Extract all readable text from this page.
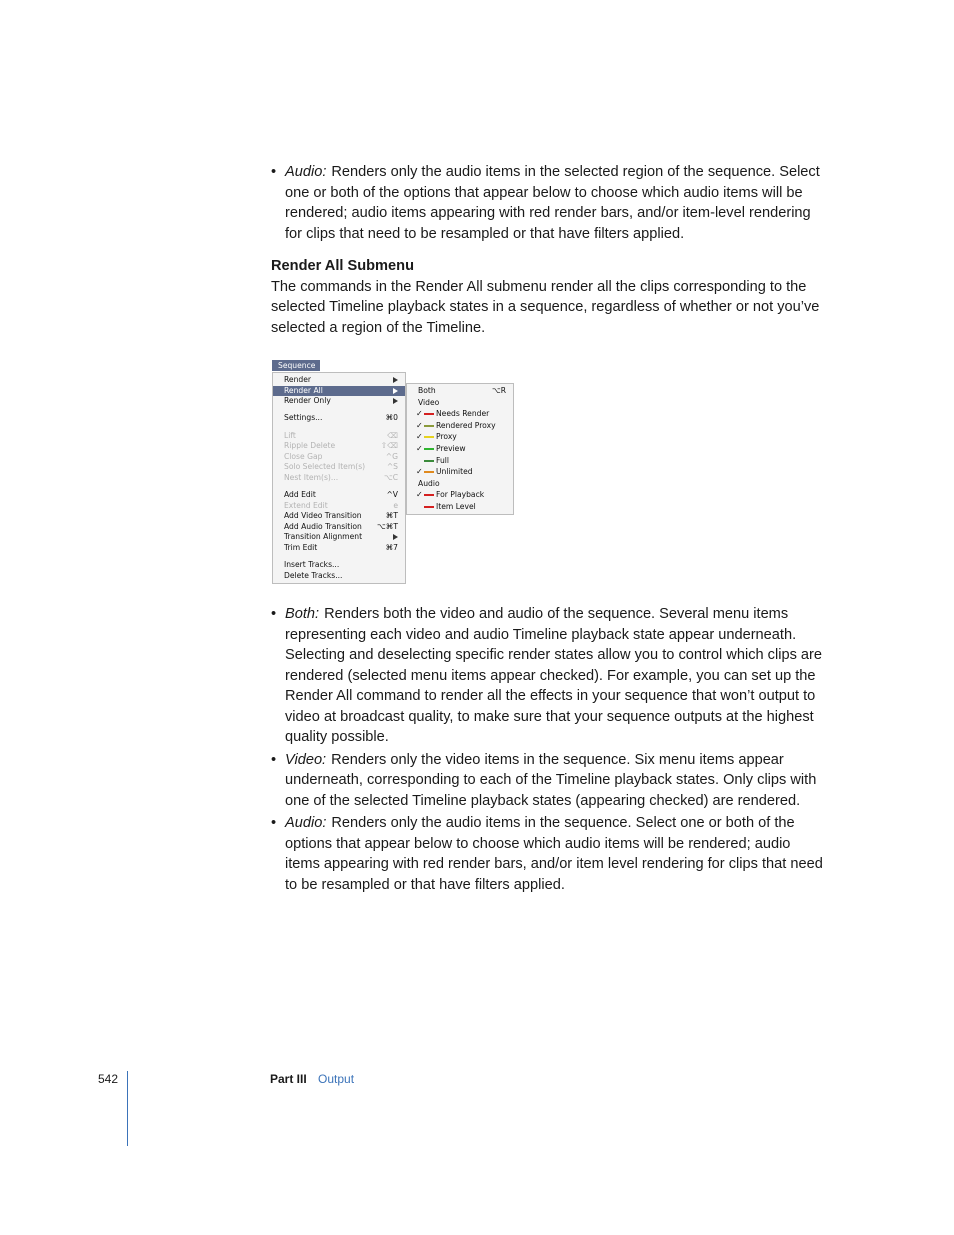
• Audio: Renders only the audio items in the selected region of the sequence. Select one or both of the options that appear below to choose which audio items will be rendered; audio items appearing with red render bars, and/or item-level rendering for clips that need to be resampled or that have filters applied.

Render All Submenu

The commands in the Render All submenu render all the clips corresponding to the selected Timeline playback states in a sequence, regardless of whether or not you’ve selected a region of the Timeline.

Sequence
Render
Render All
Render Only
Settings...	⌘0
Lift	⌫
Ripple Delete	⇧⌫
Close Gap	^G
Solo Selected Item(s)	^S
Nest Item(s)...	⌥C
Add Edit	^V
Extend Edit	e
Add Video Transition	⌘T
Add Audio Transition ⌥⌘T
Transition Alignment
Trim Edit	⌘7
Insert Tracks...
Delete Tracks...
Both	⌥R
Video
✓ Needs Render
✓ Rendered Proxy
✓ Proxy
✓ Preview
Full
✓ Unlimited
Audio
✓ For Playback
Item Level

• Both: Renders both the video and audio of the sequence. Several menu items representing each video and audio Timeline playback state appear underneath. Selecting and deselecting specific render states allow you to control which clips are rendered (selected menu items appear checked). For example, you can set up the Render All command to render all the effects in your sequence that won’t output to video at broadcast quality, to make sure that your sequence outputs at the highest quality possible.

• Video: Renders only the video items in the sequence. Six menu items appear underneath, corresponding to each of the Timeline playback states. Only clips with one of the selected Timeline playback states (appearing checked) are rendered.

• Audio: Renders only the audio items in the sequence. Select one or both of the options that appear below to choose which audio items will be rendered; audio items appearing with red render bars, and/or item level rendering for clips that need to be resampled or that have filters applied.

542	Part III Output
